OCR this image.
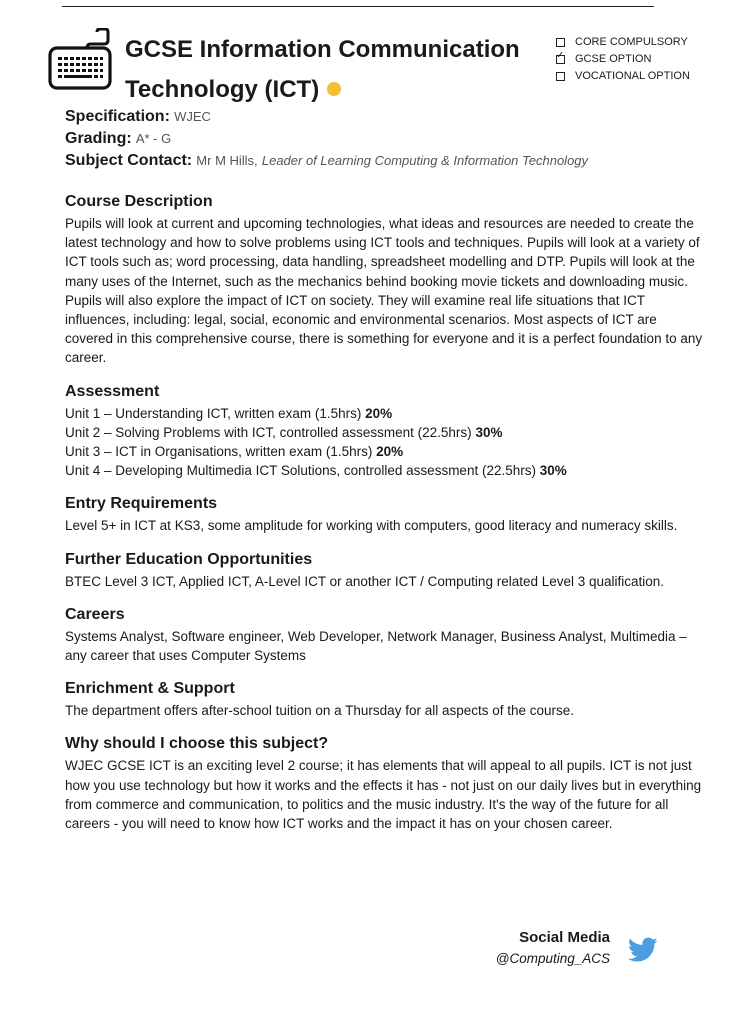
GCSE Information Communication Technology (ICT)
CORE COMPULSORY
✓
GCSE OPTION
VOCATIONAL OPTION
Specification: WJEC
Grading: A* - G
Subject Contact: Mr M Hills, Leader of Learning Computing & Information Technology
Course Description

Pupils will look at current and upcoming technologies, what ideas and resources are needed to create the latest technology and how to solve problems using ICT tools and techniques. Pupils will look at a variety of ICT tools such as; word processing, data handling, spreadsheet modelling and DTP. Pupils will look at the many uses of the Internet, such as the mechanics behind booking movie tickets and downloading music. Pupils will also explore the impact of ICT on society. They will examine real life situations that ICT influences, including: legal, social, economic and environmental scenarios. Most aspects of ICT are covered in this comprehensive course, there is something for everyone and it is a perfect foundation to any career.

Assessment
Unit 1 – Understanding ICT, written exam (1.5hrs) 20%
Unit 2 – Solving Problems with ICT, controlled assessment (22.5hrs) 30%
Unit 3 – ICT in Organisations, written exam (1.5hrs) 20%
Unit 4 – Developing Multimedia ICT Solutions, controlled assessment (22.5hrs) 30%
Entry Requirements

Level 5+ in ICT at KS3, some amplitude for working with computers, good literacy and numeracy skills.

Further Education Opportunities

BTEC Level 3 ICT, Applied ICT, A-Level ICT or another ICT / Computing related Level 3 qualification.

Careers

Systems Analyst, Software engineer, Web Developer, Network Manager, Business Analyst, Multimedia – any career that uses Computer Systems

Enrichment & Support

The department offers after-school tuition on a Thursday for all aspects of the course.

Why should I choose this subject?

WJEC GCSE ICT is an exciting level 2 course; it has elements that will appeal to all pupils. ICT is not just how you use technology but how it works and the effects it has - not just on our daily lives but in everything from commerce and communication, to politics and the music industry. It's the way of the future for all careers - you will need to know how ICT works and the impact it has on your chosen career.

Social Media
@Computing_ACS
